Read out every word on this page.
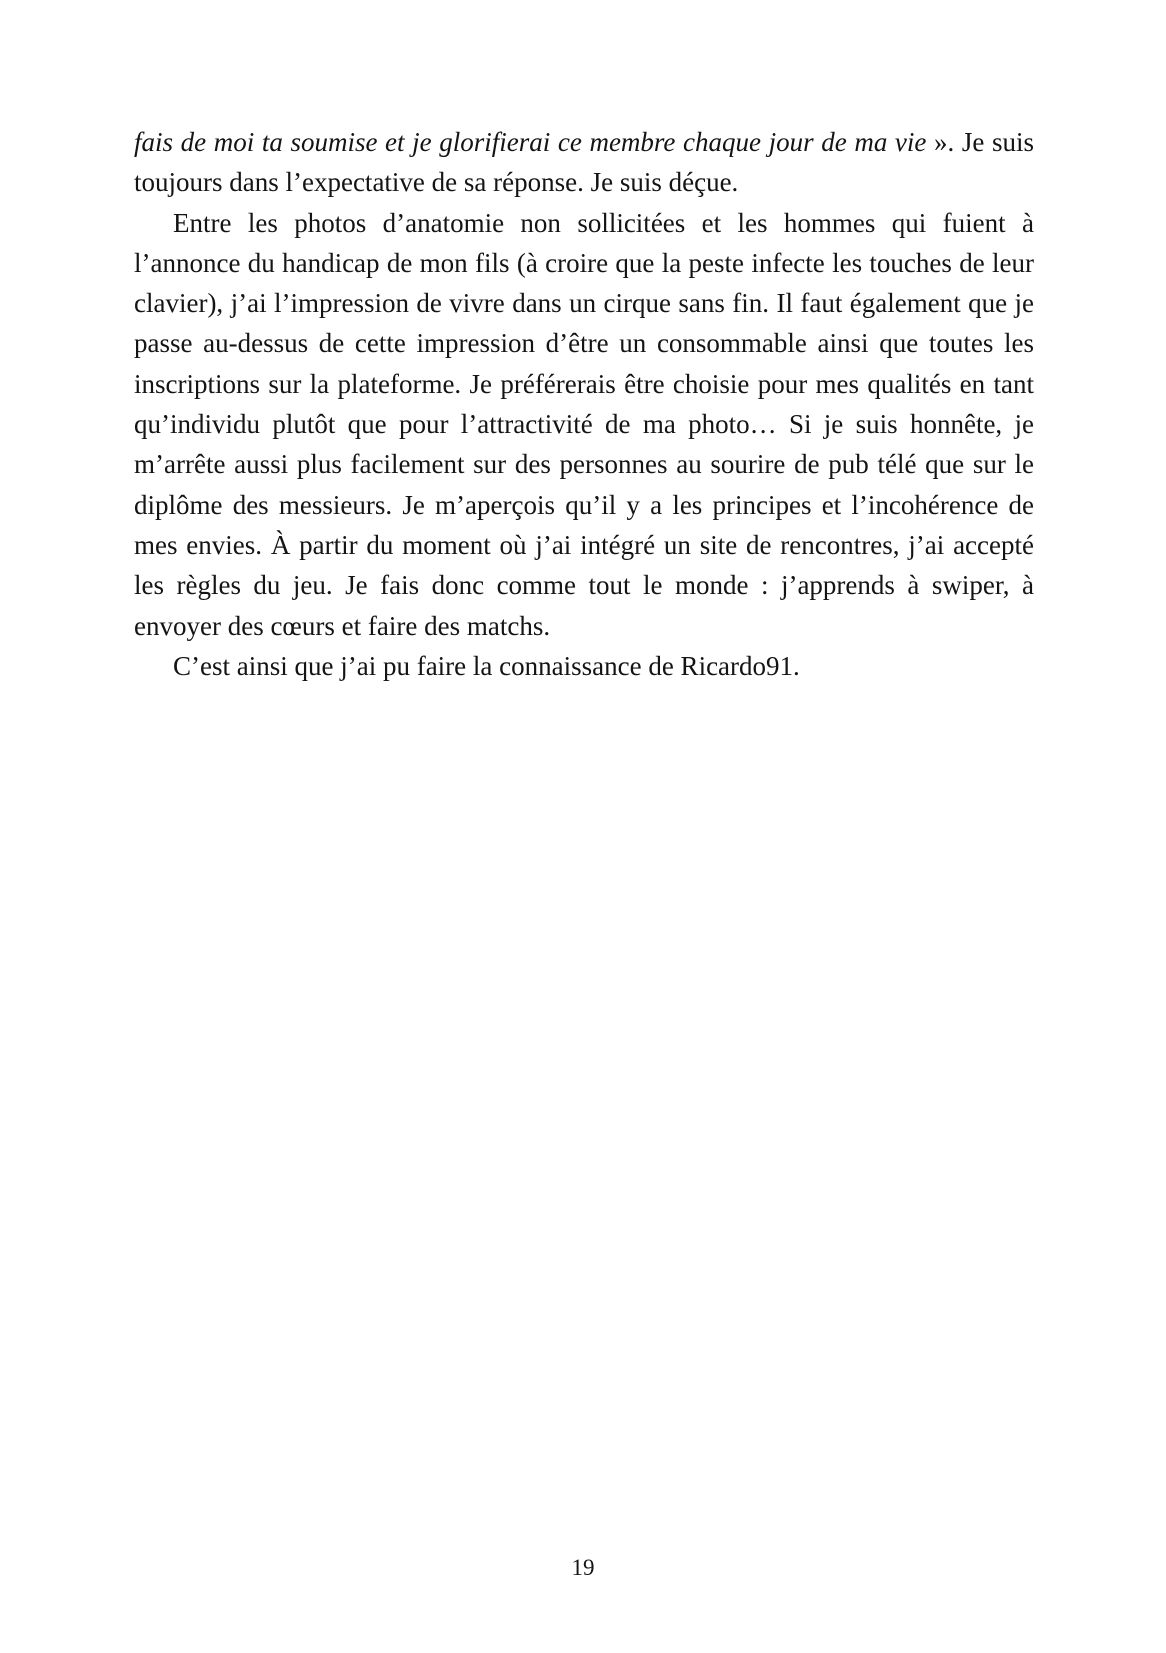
fais de moi ta soumise et je glorifierai ce membre chaque jour de ma vie ». Je suis toujours dans l’expectative de sa réponse. Je suis déçue.

Entre les photos d’anatomie non sollicitées et les hommes qui fuient à l’annonce du handicap de mon fils (à croire que la peste infecte les touches de leur clavier), j’ai l’impression de vivre dans un cirque sans fin. Il faut également que je passe au-dessus de cette impression d’être un consommable ainsi que toutes les inscriptions sur la plateforme. Je préférerais être choisie pour mes qualités en tant qu’individu plutôt que pour l’attractivité de ma photo… Si je suis honnête, je m’arrête aussi plus facilement sur des personnes au sourire de pub télé que sur le diplôme des messieurs. Je m’aperçois qu’il y a les principes et l’incohérence de mes envies. À partir du moment où j’ai intégré un site de rencontres, j’ai accepté les règles du jeu. Je fais donc comme tout le monde : j’apprends à swiper, à envoyer des cœurs et faire des matchs.

C’est ainsi que j’ai pu faire la connaissance de Ricardo91.

19
